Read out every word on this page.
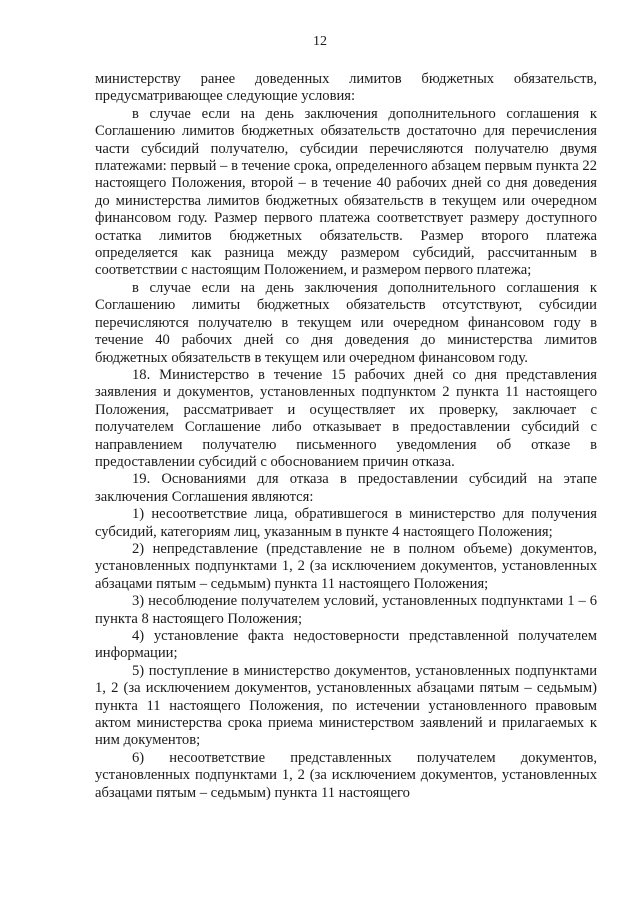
12

министерству ранее доведенных лимитов бюджетных обязательств, предусматривающее следующие условия:

в случае если на день заключения дополнительного соглашения к Соглашению лимитов бюджетных обязательств достаточно для перечисления части субсидий получателю, субсидии перечисляются получателю двумя платежами: первый – в течение срока, определенного абзацем первым пункта 22 настоящего Положения, второй – в течение 40 рабочих дней со дня доведения до министерства лимитов бюджетных обязательств в текущем или очередном финансовом году. Размер первого платежа соответствует размеру доступного остатка лимитов бюджетных обязательств. Размер второго платежа определяется как разница между размером субсидий, рассчитанным в соответствии с настоящим Положением, и размером первого платежа;

в случае если на день заключения дополнительного соглашения к Соглашению лимиты бюджетных обязательств отсутствуют, субсидии перечисляются получателю в текущем или очередном финансовом году в течение 40 рабочих дней со дня доведения до министерства лимитов бюджетных обязательств в текущем или очередном финансовом году.

18. Министерство в течение 15 рабочих дней со дня представления заявления и документов, установленных подпунктом 2 пункта 11 настоящего Положения, рассматривает и осуществляет их проверку, заключает с получателем Соглашение либо отказывает в предоставлении субсидий с направлением получателю письменного уведомления об отказе в предоставлении субсидий с обоснованием причин отказа.

19. Основаниями для отказа в предоставлении субсидий на этапе заключения Соглашения являются:

1) несоответствие лица, обратившегося в министерство для получения субсидий, категориям лиц, указанным в пункте 4 настоящего Положения;

2) непредставление (представление не в полном объеме) документов, установленных подпунктами 1, 2 (за исключением документов, установленных абзацами пятым – седьмым) пункта 11 настоящего Положения;

3) несоблюдение получателем условий, установленных подпунктами 1 – 6 пункта 8 настоящего Положения;

4) установление факта недостоверности представленной получателем информации;

5) поступление в министерство документов, установленных подпунктами 1, 2 (за исключением документов, установленных абзацами пятым – седьмым) пункта 11 настоящего Положения, по истечении установленного правовым актом министерства срока приема министерством заявлений и прилагаемых к ним документов;

6) несоответствие представленных получателем документов, установленных подпунктами 1, 2 (за исключением документов, установленных абзацами пятым – седьмым) пункта 11 настоящего
